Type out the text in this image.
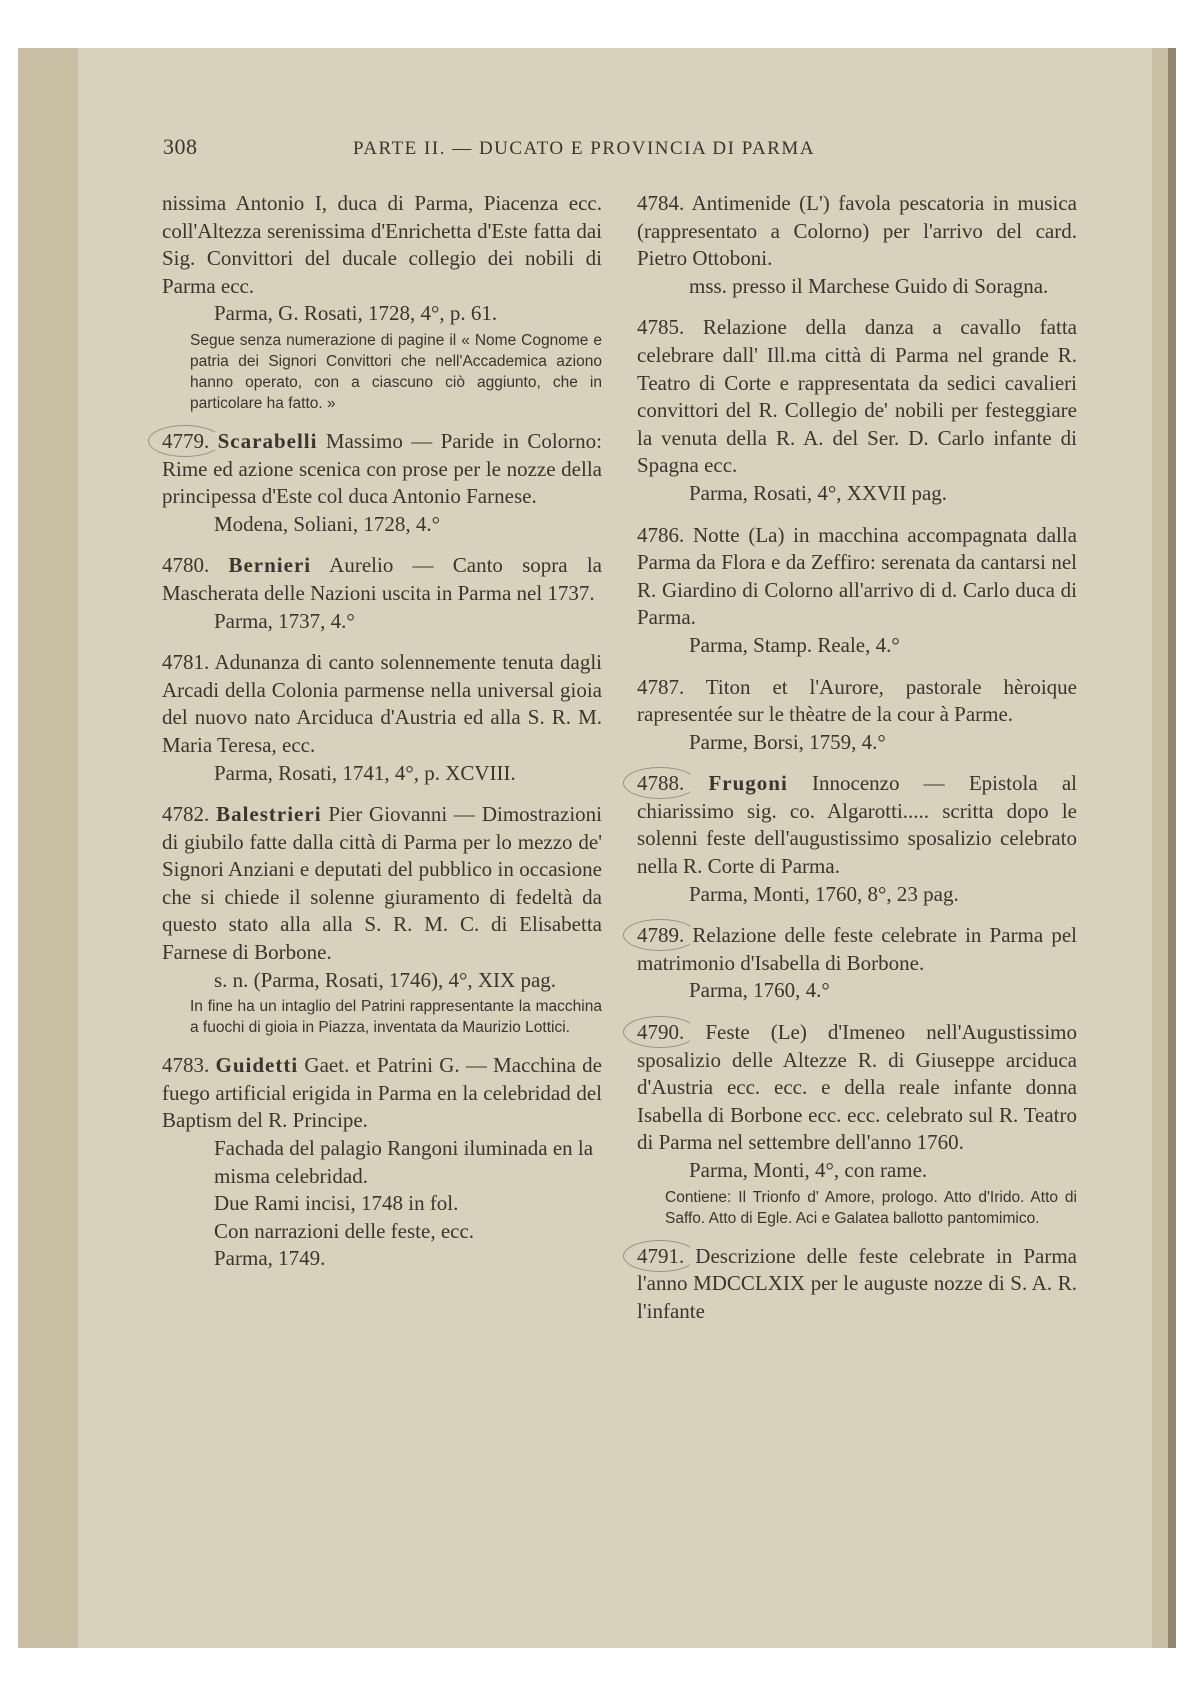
308	PARTE II. — DUCATO E PROVINCIA DI PARMA
nissima Antonio I, duca di Parma, Piacenza ecc. coll'Altezza serenissima d'Enrichetta d'Este fatta dai Sig. Convittori del ducale collegio dei nobili di Parma ecc.
Parma, G. Rosati, 1728, 4°, p. 61.
Segue senza numerazione di pagine il « Nome Cognome e patria dei Signori Convittori che nell'Accademica aziono hanno operato, con a ciascuno ciò aggiunto, che in particolare ha fatto. »
4779. Scarabelli Massimo — Paride in Colorno: Rime ed azione scenica con prose per le nozze della principessa d'Este col duca Antonio Farnese.
Modena, Soliani, 1728, 4.°
4780. Bernieri Aurelio — Canto sopra la Mascherata delle Nazioni uscita in Parma nel 1737.
Parma, 1737, 4.°
4781. Adunanza di canto solennemente tenuta dagli Arcadi della Colonia parmense nella universal gioia del nuovo nato Arciduca d'Austria ed alla S. R. M. Maria Teresa, ecc.
Parma, Rosati, 1741, 4°, p. XCVIII.
4782. Balestrieri Pier Giovanni — Dimostrazioni di giubilo fatte dalla città di Parma per lo mezzo de' Signori Anziani e deputati del pubblico in occasione che si chiede il solenne giuramento di fedeltà da questo stato alla alla S. R. M. C. di Elisabetta Farnese di Borbone.
s. n. (Parma, Rosati, 1746), 4°, XIX pag.
In fine ha un intaglio del Patrini rappresentante la macchina a fuochi di gioia in Piazza, inventata da Maurizio Lottici.
4783. Guidetti Gaet. et Patrini G. — Macchina de fuego artificial erigida in Parma en la celebridad del Baptism del R. Principe.
Fachada del palagio Rangoni iluminada en la misma celebridad.
Due Rami incisi, 1748 in fol.
Con narrazioni delle feste, ecc.
Parma, 1749.
4784. Antimenide (L') favola pescatoria in musica (rappresentato a Colorno) per l'arrivo del card. Pietro Ottoboni.
mss. presso il Marchese Guido di Soragna.
4785. Relazione della danza a cavallo fatta celebrare dall' Ill.ma città di Parma nel grande R. Teatro di Corte e rappresentata da sedici cavalieri convittori del R. Collegio de' nobili per festeggiare la venuta della R. A. del Ser. D. Carlo infante di Spagna ecc.
Parma, Rosati, 4°, XXVII pag.
4786. Notte (La) in macchina accompagnata dalla Parma da Flora e da Zeffiro: serenata da cantarsi nel R. Giardino di Colorno all'arrivo di d. Carlo duca di Parma.
Parma, Stamp. Reale, 4.°
4787. Titon et l'Aurore, pastorale hèroique rapresentée sur le thèatre de la cour à Parme.
Parme, Borsi, 1759, 4.°
4788. Frugoni Innocenzo — Epistola al chiarissimo sig. co. Algarotti..... scritta dopo le solenni feste dell'augustissimo sposalizio celebrato nella R. Corte di Parma.
Parma, Monti, 1760, 8°, 23 pag.
4789. Relazione delle feste celebrate in Parma pel matrimonio d'Isabella di Borbone.
Parma, 1760, 4.°
4790. Feste (Le) d'Imeneo nell'Augustissimo sposalizio delle Altezze R. di Giuseppe arciduca d'Austria ecc. ecc. e della reale infante donna Isabella di Borbone ecc. ecc. celebrato sul R. Teatro di Parma nel settembre dell'anno 1760.
Parma, Monti, 4°, con rame.
Contiene: Il Trionfo d' Amore, prologo. Atto d'Irido. Atto di Saffo. Atto di Egle. Aci e Galatea ballotto pantomimico.
4791. Descrizione delle feste celebrate in Parma l'anno MDCCLXIX per le auguste nozze di S. A. R. l'infante
